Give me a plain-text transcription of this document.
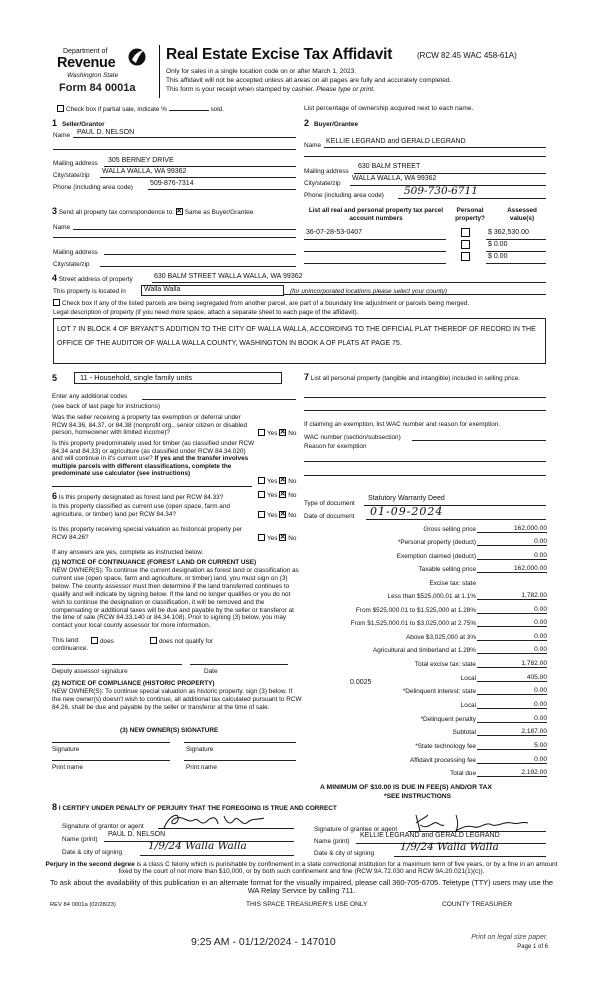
Department of
Revenue
Washington State
Form 84 0001a
Real Estate Excise Tax Affidavit	(RCW 82.45 WAC 458-61A)
Only for sales in a single location code on or after March 1, 2023.
This affidavit will not be accepted unless all areas on all pages are fully and accurately completed.
This form is your receipt when stamped by cashier. Please type or print.
Check box if partial sale, indicate %	sold.	List percentage of ownership acquired next to each name.
1 Seller/Grantor
Name PAUL D. NELSON
Mailing address 305 BERNEY DRIVE
City/state/zip
WALLA WALLA, WA 99362
Phone (including area code)
509-876-7314
2 Buyer/Grantee
Name
KELLIE LEGRAND and GERALD LEGRAND
Mailing address
630 BALM STREET
City/state/zip
WALLA WALLA, WA 99362
Phone (including area code) 509-730-6711
3 Send all property tax correspondence to: ✕ Same as Buyer/Grantee
Name
Mailing address
City/state/zip
List all real and personal property tax parcel account numbers
Personal property?
Assessed value(s)
36-07-28-53-0407	$ 362,530.00
$ 0.00
$ 0.00
4 Street address of property	630 BALM STREET WALLA WALLA, WA 99362
This property is located in	Walla Walla	(for unincorporated locations please select your county)
Check box if any of the listed parcels are being segregated from another parcel, are part of a boundary line adjustment or parcels being merged.
Legal description of property (if you need more space, attach a separate sheet to each page of the affidavit).
LOT 7 IN BLOCK 4 OF BRYANT'S ADDITION TO THE CITY OF WALLA WALLA, ACCORDING TO THE OFFICIAL PLAT THEREOF OF RECORD IN THE OFFICE OF THE AUDITOR OF WALLA WALLA COUNTY, WASHINGTON IN BOOK A OF PLATS AT PAGE 75.
5	11 - Household, single family units
Enter any additional codes
(see back of last page for instructions)
Was the seller receiving a property tax exemption or deferral under RCW 84.36, 84.37, or 84.38 (nonprofit org., senior citizen or disabled person, homeowner with limited income)?	Yes ✕ No
Is this property predominately used for timber (as classified under RCW 84.34 and 84.33) or agriculture (as classified under RCW 84.34.020) and will continue in it's current use? If yes and the transfer involves multiple parcels with different classifications, complete the predominate use calculator (see instructions)
Yes ✕ No
6 Is this property designated as forest land per RCW 84.33?	Yes ✕ No
Is this property classified as current use (open space, farm and agriculture, or timber) land per RCW 84.34?	Yes ✕ No
Is this property receiving special valuation as historical property per RCW 84.26?	Yes ✕ No
If any answers are yes, complete as instructed below.
(1) NOTICE OF CONTINUANCE (FOREST LAND OR CURRENT USE)
NEW OWNER(S): To continue the current designation as forest land or classification as current use (open space, farm and agriculture, or timber) land, you must sign on (3) below. The county assessor must then determine if the land transferred continues to qualify and will indicate by signing below. If the land no longer qualifies or you do not wish to continue the designation or classification, it will be removed and the compensating or additional taxes will be due and payable by the seller or transferor at the time of sale (RCW 84.33.140 or 84.34.108). Prior to signing (3) below, you may contact your local county assessor for more information.
This land:	does	does not qualify for
continuance.
Deputy assessor signature	Date
(2) NOTICE OF COMPLIANCE (HISTORIC PROPERTY)
NEW OWNER(S): To continue special valuation as historic property, sign (3) below. If the new owner(s) doesn't wish to continue, all additional tax calculated pursuant to RCW 84.26, shall be due and payable by the seller or transferor at the time of sale.
(3) NEW OWNER(S) SIGNATURE
Signature	Signature
Print name	Print name
7 List all personal property (tangible and intangible) included in selling price.
If claiming an exemption, list WAC number and reason for exemption.
WAC number (section/subsection)
Reason for exemption
Type of document
Statutory Warranty Deed
Date of document 01-09-2024
Gross selling price	162,000.00
*Personal property (deduct)	0.00
Exemption claimed (deduct)	0.00
Taxable selling price	162,000.00
Excise tax: state
Less than $525,000.01 at 1.1%	1,782.00
From $525,000.01 to $1,525,000 at 1.28%	0.00
From $1,525,000.01 to $3,025,000 at 2.75%	0.00
Above $3,025,000 at 3%	0.00
Agricultural and timberland at 1.28%	0.00
Total excise tax: state	1,782.00
Local	405.00
*Delinquent interest: state	0.00
Local	0.00
*Delinquent penalty	0.00
Subtotal	2,187.00
*State technology fee	5.00
Affidavit processing fee	0.00
Total due	2,192.00
0.0025
A MINIMUM OF $10.00 IS DUE IN FEE(S) AND/OR TAX
*SEE INSTRUCTIONS
8 I CERTIFY UNDER PENALTY OF PERJURY THAT THE FOREGOING IS TRUE AND CORRECT
Signature of grantor or agent
Name (print)
PAUL D. NELSON
Date & city of signing
1/9/24 Walla Walla
Signature of grantee or agent
Name (print)
KELLIE LEGRAND and GERALD LEGRAND
Date & city of signing
1/9/24 Walla Walla
Perjury in the second degree is a class C felony which is punishable by confinement in a state correctional institution for a maximum term of five years, or by a fine in an amount fixed by the court of not more than $10,000, or by both such confinement and fine (RCW 9A.72.030 and RCW 9A.20.021(1)(c)).
To ask about the availability of this publication in an alternate format for the visually impaired, please call 360-705-6705. Teletype (TTY) users may use the WA Relay Service by calling 711.
REV 84 0001a (02/28/23)	THIS SPACE TREASURER'S USE ONLY	COUNTY TREASURER
9:25 AM - 01/12/2024 - 147010	Print on legal size paper.
Page 1 of 6
